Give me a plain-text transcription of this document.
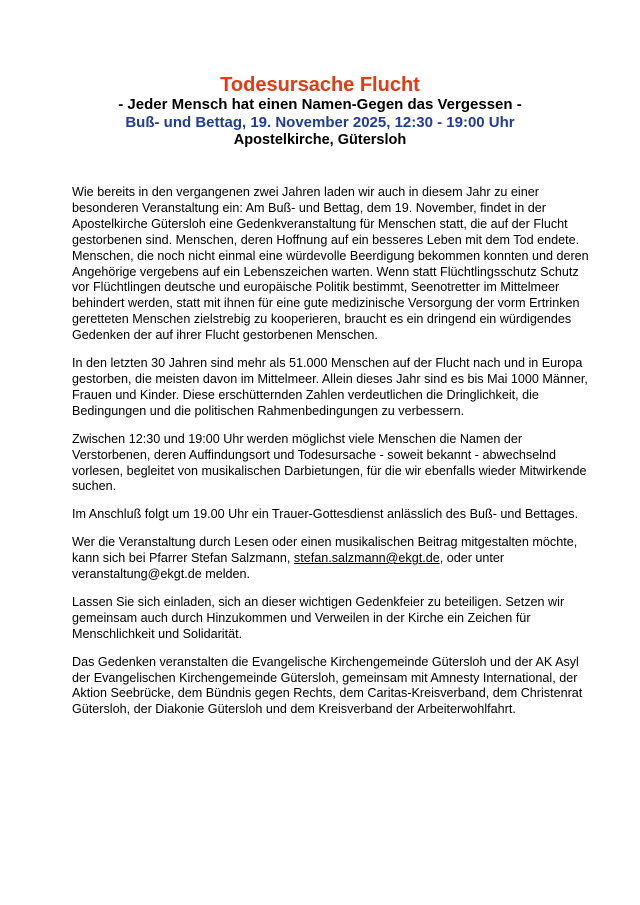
Todesursache Flucht

- Jeder Mensch hat einen Namen-Gegen das Vergessen -

Buß- und Bettag, 19. November 2025, 12:30 - 19:00 Uhr

Apostelkirche, Gütersloh

Wie bereits in den vergangenen zwei Jahren laden wir auch in diesem Jahr zu einer besonderen Veranstaltung ein: Am Buß- und Bettag, dem 19. November, findet in der Apostelkirche Gütersloh eine Gedenkveranstaltung für Menschen statt, die auf der Flucht gestorbenen sind. Menschen, deren Hoffnung auf ein besseres Leben mit dem Tod endete. Menschen, die noch nicht einmal eine würdevolle Beerdigung bekommen konnten und deren Angehörige vergebens auf ein Lebenszeichen warten. Wenn statt Flüchtlingsschutz Schutz vor Flüchtlingen deutsche und europäische Politik bestimmt, Seenotretter im Mittelmeer behindert werden, statt mit ihnen für eine gute medizinische Versorgung der vorm Ertrinken geretteten Menschen zielstrebig zu kooperieren, braucht es ein dringend ein würdigendes Gedenken der auf ihrer Flucht gestorbenen Menschen.

In den letzten 30 Jahren sind mehr als 51.000 Menschen auf der Flucht nach und in Europa gestorben, die meisten davon im Mittelmeer. Allein dieses Jahr sind es bis Mai 1000 Männer, Frauen und Kinder. Diese erschütternden Zahlen verdeutlichen die Dringlichkeit, die Bedingungen und die politischen Rahmenbedingungen zu verbessern.

Zwischen 12:30 und 19:00 Uhr werden möglichst viele Menschen die Namen der Verstorbenen, deren Auffindungsort und Todesursache - soweit bekannt - abwechselnd vorlesen, begleitet von musikalischen Darbietungen, für die wir ebenfalls wieder Mitwirkende suchen.

Im Anschluß folgt um 19.00 Uhr ein Trauer-Gottesdienst anlässlich des Buß- und Bettages.

Wer die Veranstaltung durch Lesen oder einen musikalischen Beitrag mitgestalten möchte, kann sich bei Pfarrer Stefan Salzmann, stefan.salzmann@ekgt.de, oder unter veranstaltung@ekgt.de melden.

Lassen Sie sich einladen, sich an dieser wichtigen Gedenkfeier zu beteiligen. Setzen wir gemeinsam auch durch Hinzukommen und Verweilen in der Kirche ein Zeichen für Menschlichkeit und Solidarität.

Das Gedenken veranstalten die Evangelische Kirchengemeinde Gütersloh und der AK Asyl der Evangelischen Kirchengemeinde Gütersloh, gemeinsam mit Amnesty International, der Aktion Seebrücke, dem Bündnis gegen Rechts, dem Caritas-Kreisverband, dem Christenrat Gütersloh, der Diakonie Gütersloh und dem Kreisverband der Arbeiterwohlfahrt.
